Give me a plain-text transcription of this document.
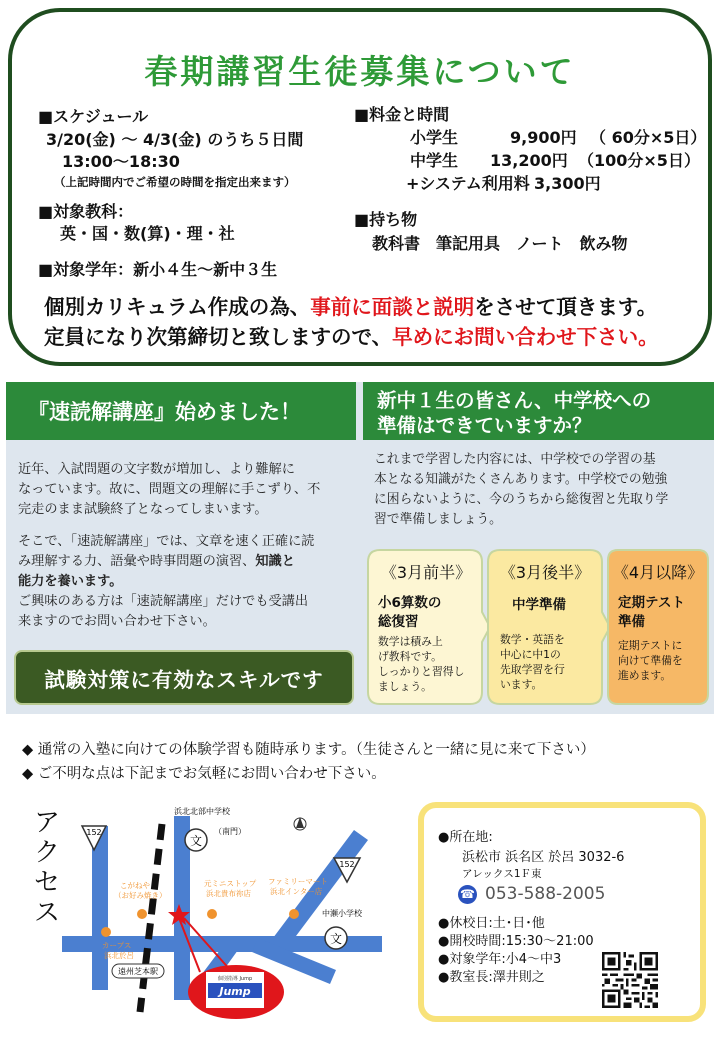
春期講習生徒募集について
■スケジュール
3/20(金) ～ 4/3(金) のうち５日間
13:00～18:30
（上記時間内でご希望の時間を指定出来ます）
■対象教科：
英・国・数(算)・理・社
■対象学年：新小４生～新中３生
■料金と時間
小学生	9,900円 （ 60分×5日）
中学生 13,200円 （100分×5日）
+システム利用料 3,300円
■持ち物
教科書　筆記用具　ノート　飲み物
個別カリキュラム作成の為、事前に面談と説明をさせて頂きます。
定員になり次第締切と致しますので、早めにお問い合わせ下さい。
『速読解講座』始めました！	新中１生の皆さん、中学校への
準備はできていますか？
近年、入試問題の文字数が増加し、より難解に
なっています。故に、問題文の理解に手こずり、不
完走のまま試験終了となってしまいます。
そこで、「速読解講座」では、文章を速く正確に読
み理解する力、語彙や時事問題の演習、知識と
能力を養います。
ご興味のある方は「速読解講座」だけでも受講出
来ますのでお問い合わせ下さい。
試験対策に有効なスキルです
これまで学習した内容には、中学校での学習の基
本となる知識がたくさんあります。中学校での勉強
に困らないように、今のうちから総復習と先取り学
習で準備しましょう。
《3月前半》
小6算数の
総復習
数学は積み上
げ教科です。
しっかりと習得し
ましょう。
《3月後半》
中学準備
数学・英語を
中心に中1の
先取学習を行
います。
《4月以降》
定期テスト
準備
定期テストに
向けて準備を
進めます。
◆ 通常の入塾に向けての体験学習も随時承ります。（生徒さんと一緒に見に来て下さい）
◆ ご不明な点は下記までお気軽にお問い合わせ下さい。
アクセス
152
152
文
文
浜北北部中学校
（南門）
中瀬小学校
こがねや
（お好み焼き）
元ミニストップ
浜北貴布祢店
ファミリーマート
浜北インター店
カープス
浜北於呂
遠州芝本駅
個別指導 Jump
Jump
●所在地:
浜松市 浜名区 於呂 3032-6
アレックス1Ｆ東
☎ 053-588-2005
●休校日:土･日･他
●開校時間:15:30～21:00
●対象学年:小4～中3
●教室長:澤井則之
